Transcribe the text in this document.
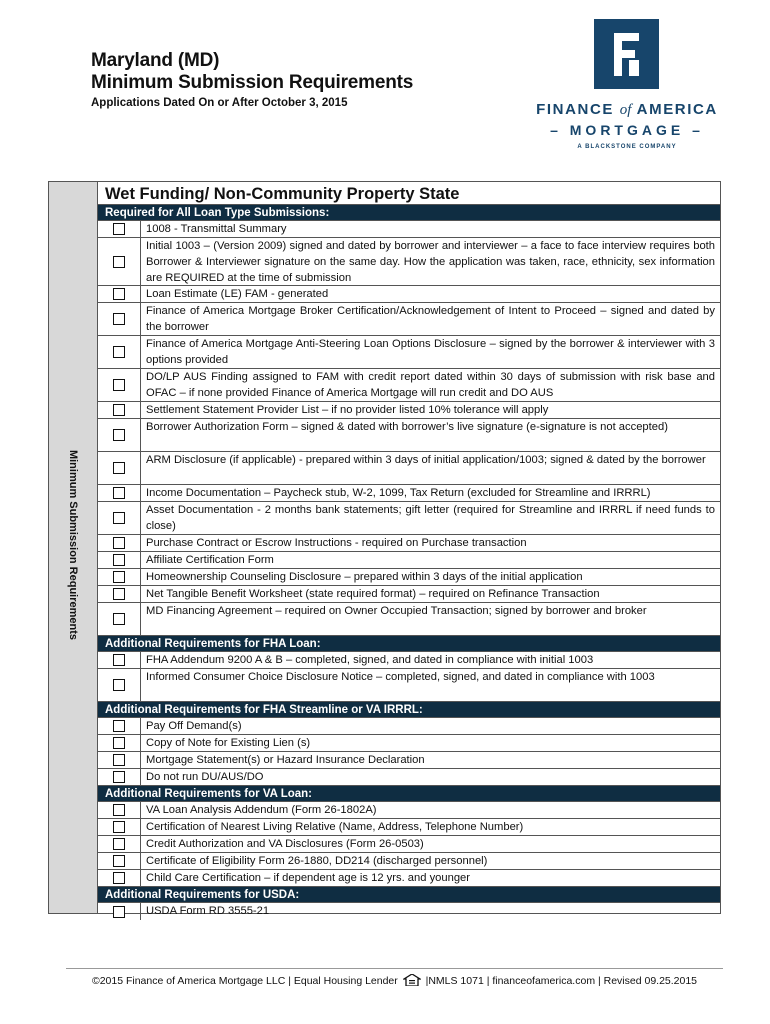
Maryland (MD)
Minimum Submission Requirements
Applications Dated On or After October 3, 2015	FINANCE of AMERICA
– MORTGAGE –
A BLACKSTONE COMPANY
Minimum Submission Requirements
Wet Funding/ Non-Community Property State
Required for All Loan Type Submissions:
1008 - Transmittal Summary
Initial 1003 – (Version 2009) signed and dated by borrower and interviewer – a face to face interview requires both Borrower & Interviewer signature on the same day. How the application was taken, race, ethnicity, sex information are REQUIRED at the time of submission
Loan Estimate (LE) FAM - generated
Finance of America Mortgage Broker Certification/Acknowledgement of Intent to Proceed – signed and dated by the borrower
Finance of America Mortgage Anti-Steering Loan Options Disclosure – signed by the borrower & interviewer with 3 options provided
DO/LP AUS Finding assigned to FAM with credit report dated within 30 days of submission with risk base and OFAC – if none provided Finance of America Mortgage will run credit and DO AUS
Settlement Statement Provider List – if no provider listed 10% tolerance will apply
Borrower Authorization Form – signed & dated with borrower’s live signature (e-signature is not accepted)
ARM Disclosure (if applicable) - prepared within 3 days of initial application/1003; signed & dated by the borrower
Income Documentation – Paycheck stub, W-2, 1099, Tax Return (excluded for Streamline and IRRRL)
Asset Documentation - 2 months bank statements; gift letter (required for Streamline and IRRRL if need funds to close)
Purchase Contract or Escrow Instructions - required on Purchase transaction
Affiliate Certification Form
Homeownership Counseling Disclosure – prepared within 3 days of the initial application
Net Tangible Benefit Worksheet (state required format) – required on Refinance Transaction
MD Financing Agreement – required on Owner Occupied Transaction; signed by borrower and broker
Additional Requirements for FHA Loan:
FHA Addendum 9200 A & B – completed, signed, and dated in compliance with initial 1003
Informed Consumer Choice Disclosure Notice – completed, signed, and dated in compliance with 1003
Additional Requirements for FHA Streamline or VA IRRRL:
Pay Off Demand(s)
Copy of Note for Existing Lien (s)
Mortgage Statement(s) or Hazard Insurance Declaration
Do not run DU/AUS/DO
Additional Requirements for VA Loan:
VA Loan Analysis Addendum (Form 26-1802A)
Certification of Nearest Living Relative (Name, Address, Telephone Number)
Credit Authorization and VA Disclosures (Form 26-0503)
Certificate of Eligibility Form 26-1880, DD214 (discharged personnel)
Child Care Certification – if dependent age is 12 yrs. and younger
Additional Requirements for USDA:
USDA Form RD 3555-21
©2015 Finance of America Mortgage LLC | Equal Housing Lender	|NMLS 1071 | financeofamerica.com | Revised 09.25.2015
